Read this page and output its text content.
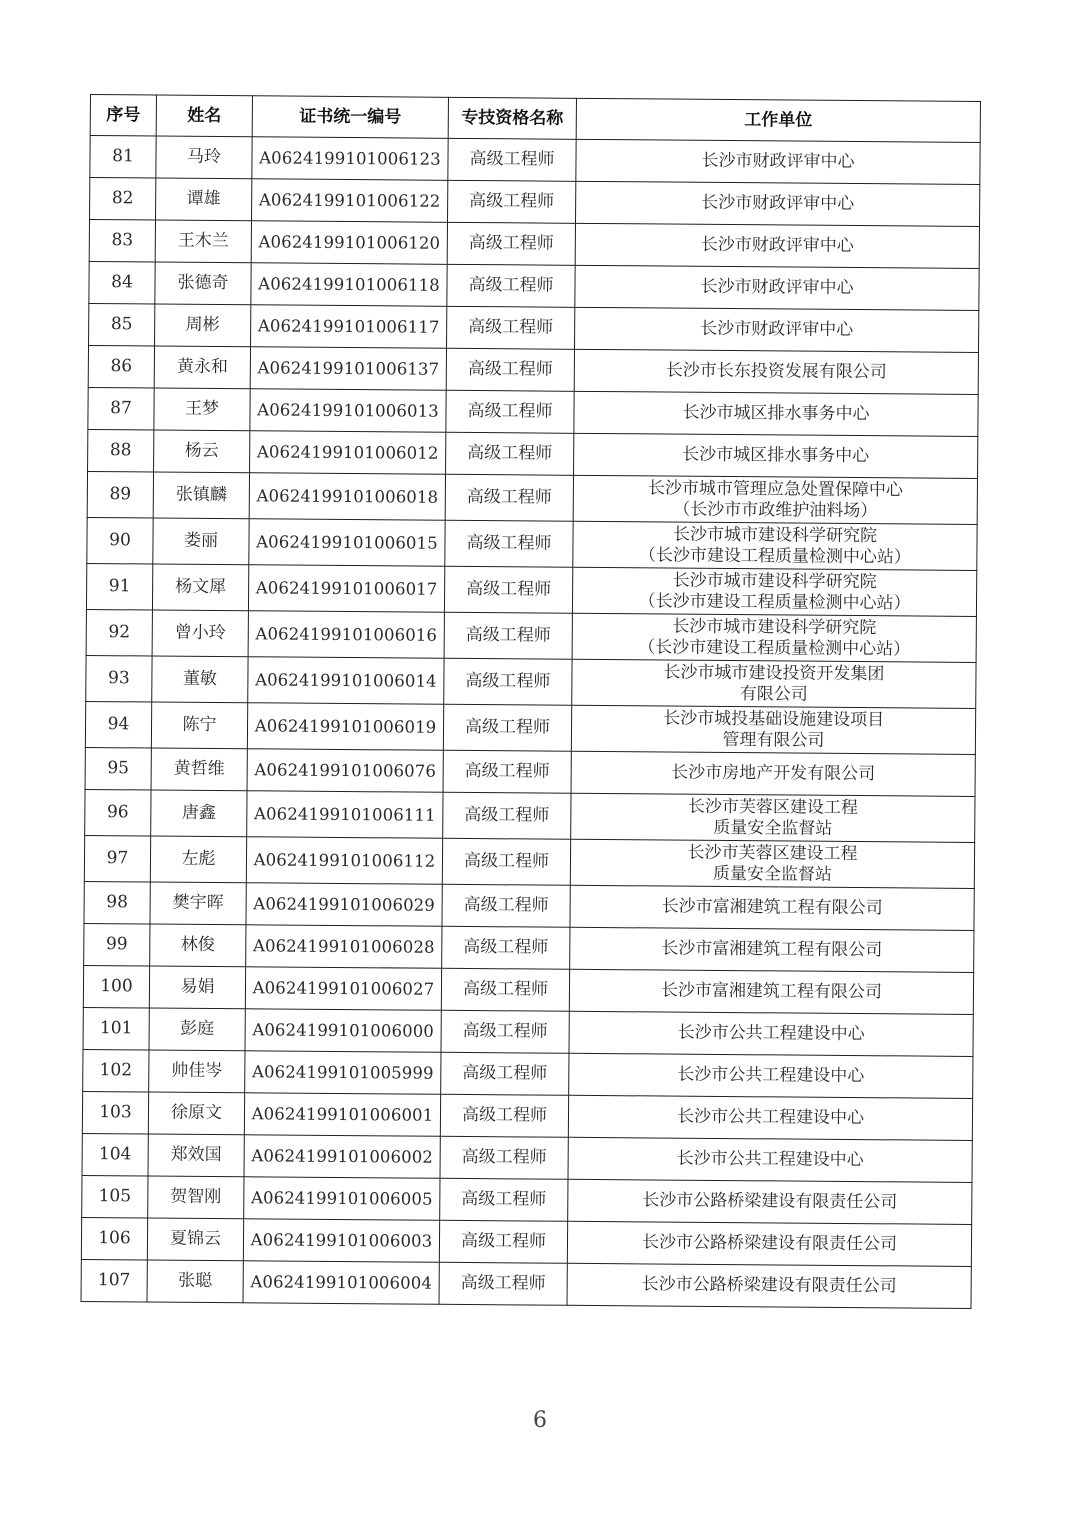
序号	姓名	证书统一编号	专技资格名称	工作单位
81	马玲	A0624199101006123	高级工程师	长沙市财政评审中心

82	谭雄	A0624199101006122	高级工程师	长沙市财政评审中心

83	王木兰	A0624199101006120	高级工程师	长沙市财政评审中心

84	张德奇	A0624199101006118	高级工程师	长沙市财政评审中心

85	周彬	A0624199101006117	高级工程师	长沙市财政评审中心

86	黄永和	A0624199101006137	高级工程师	长沙市长东投资发展有限公司

87	王梦	A0624199101006013	高级工程师	长沙市城区排水事务中心

88	杨云	A0624199101006012	高级工程师	长沙市城区排水事务中心

89	张镇麟	A0624199101006018	高级工程师	长沙市城市管理应急处置保障中心
（长沙市市政维护油料场）

90	娄丽	A0624199101006015	高级工程师	长沙市城市建设科学研究院
（长沙市建设工程质量检测中心站）

91	杨文犀	A0624199101006017	高级工程师	长沙市城市建设科学研究院
（长沙市建设工程质量检测中心站）

92	曾小玲	A0624199101006016	高级工程师	长沙市城市建设科学研究院
（长沙市建设工程质量检测中心站）

93	董敏	A0624199101006014	高级工程师	长沙市城市建设投资开发集团
有限公司

94	陈宁	A0624199101006019	高级工程师	长沙市城投基础设施建设项目
管理有限公司

95	黄哲维	A0624199101006076	高级工程师	长沙市房地产开发有限公司

96	唐鑫	A0624199101006111	高级工程师	长沙市芙蓉区建设工程
质量安全监督站

97	左彪	A0624199101006112	高级工程师	长沙市芙蓉区建设工程
质量安全监督站

98	樊宇晖	A0624199101006029	高级工程师	长沙市富湘建筑工程有限公司

99	林俊	A0624199101006028	高级工程师	长沙市富湘建筑工程有限公司

100	易娟	A0624199101006027	高级工程师	长沙市富湘建筑工程有限公司

101	彭庭	A0624199101006000	高级工程师	长沙市公共工程建设中心

102	帅佳岑	A0624199101005999	高级工程师	长沙市公共工程建设中心

103	徐原文	A0624199101006001	高级工程师	长沙市公共工程建设中心

104	郑效国	A0624199101006002	高级工程师	长沙市公共工程建设中心

105	贺智刚	A0624199101006005	高级工程师	长沙市公路桥梁建设有限责任公司

106	夏锦云	A0624199101006003	高级工程师	长沙市公路桥梁建设有限责任公司

107	张聪	A0624199101006004	高级工程师	长沙市公路桥梁建设有限责任公司
6
